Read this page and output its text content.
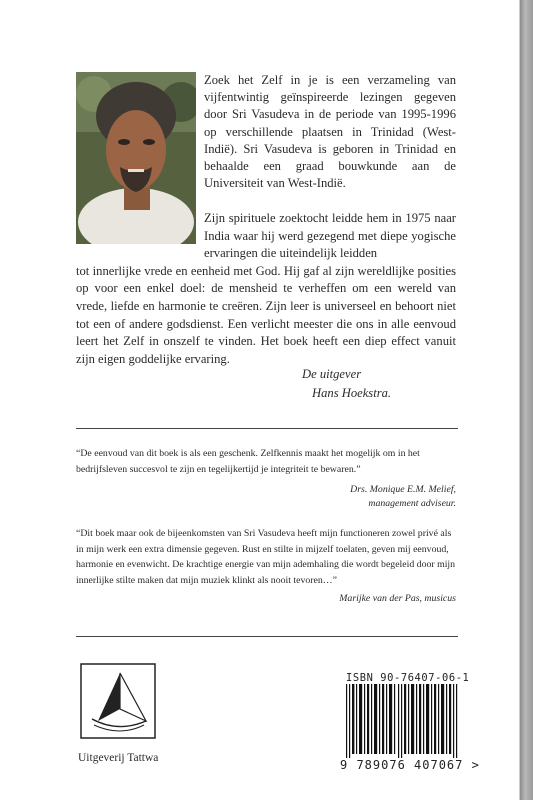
Zoek het Zelf in je is een verzameling van vijfentwintig geïnspireerde lezingen gegeven door Sri Vasudeva in de periode van 1995-1996 op verschillende plaatsen in Trinidad (West-Indië). Sri Vasudeva is geboren in Trinidad en behaalde een graad bouwkunde aan de Universiteit van West-Indië.

Zijn spirituele zoektocht leidde hem in 1975 naar India waar hij werd gezegend met diepe yogische ervaringen die uiteindelijk leidden
tot innerlijke vrede en eenheid met God. Hij gaf al zijn wereldlijke posities op voor een enkel doel: de mensheid te verheffen om een wereld van vrede, liefde en harmonie te creëren. Zijn leer is universeel en behoort niet tot een of andere godsdienst. Een verlicht meester die ons in alle eenvoud leert het Zelf in onszelf te vinden. Het boek heeft een diep effect vanuit zijn eigen goddelijke ervaring.

De uitgever
Hans Hoekstra.

“De eenvoud van dit boek is als een geschenk. Zelfkennis maakt het mogelijk om in het bedrijfsleven succesvol te zijn en tegelijkertijd je integriteit te bewaren.”

Drs. Monique E.M. Melief,
management adviseur.

“Dit boek maar ook de bijeenkomsten van Sri Vasudeva heeft mijn functioneren zowel privé als in mijn werk een extra dimensie gegeven. Rust en stilte in mijzelf toelaten, geven mij eenvoud, harmonie en evenwicht. De krachtige energie van mijn ademhaling die wordt begeleid door mijn innerlijke stilte maken dat mijn muziek klinkt als nooit tevoren…”

Marijke van der Pas, musicus
Uitgeverij Tattwa
ISBN 90-76407-06-1
9 789076 407067 >
